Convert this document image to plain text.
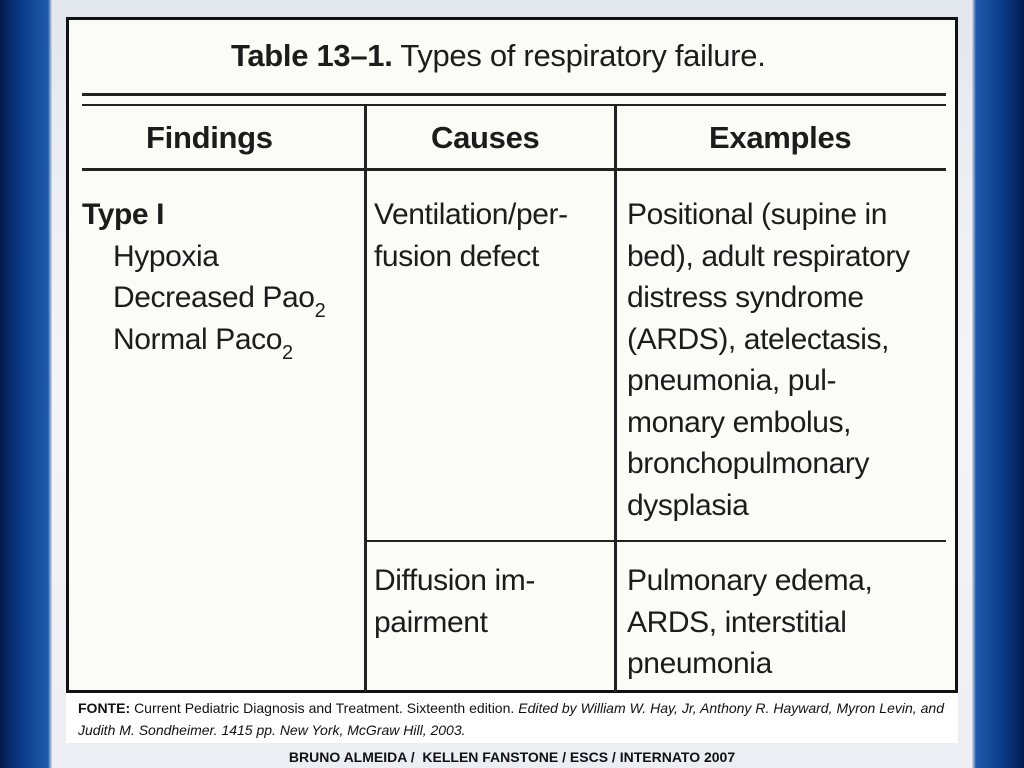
Table 13–1. Types of respiratory failure.
Findings	Causes	Examples
Type I
Hypoxia
Decreased Pao$_2$
Normal Paco$_2$
Ventilation/per-
fusion defect
Positional (supine in
bed), adult respiratory
distress syndrome
(ARDS), atelectasis,
pneumonia, pul-
monary embolus,
bronchopulmonary
dysplasia
Diffusion im-
pairment
Pulmonary edema,
ARDS, interstitial
pneumonia
FONTE: Current Pediatric Diagnosis and Treatment. Sixteenth edition. Edited by William W. Hay, Jr, Anthony R. Hayward, Myron Levin, and Judith M. Sondheimer. 1415 pp. New York, McGraw Hill, 2003.
BRUNO ALMEIDA /  KELLEN FANSTONE / ESCS / INTERNATO 2007
